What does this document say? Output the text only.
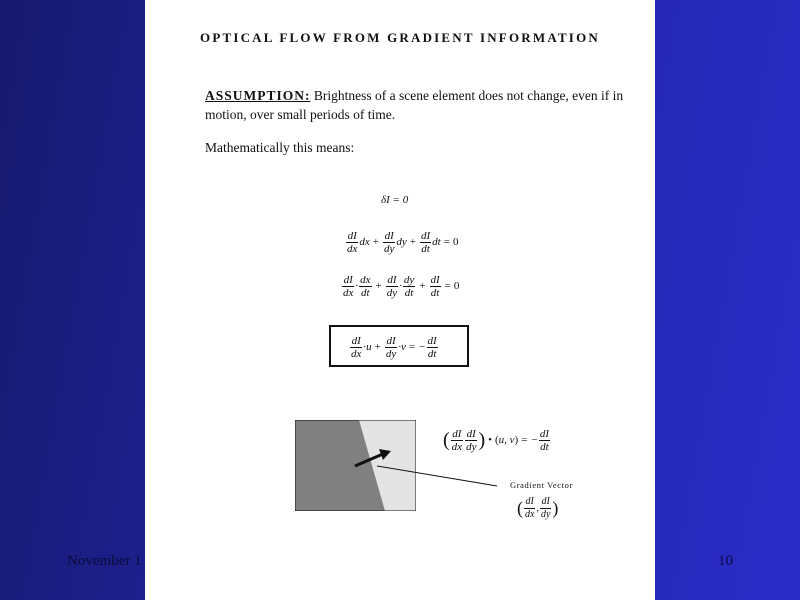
OPTICAL FLOW FROM GRADIENT INFORMATION
ASSUMPTION: Brightness of a scene element does not change, even if in motion, over small periods of time.
Mathematically this means:
δI = 0
$\frac{dI}{dx}$ dx + $\frac{dI}{dy}$ dy + $\frac{dI}{dt}$ dt = 0
$\frac{dI}{dx} \cdot \frac{dx}{dt} + \frac{dI}{dy} \cdot \frac{dy}{dt} + \frac{dI}{dt} = 0$
$\frac{dI}{dx} \cdot u + \frac{dI}{dy} \cdot v$ = − $\frac{dI}{dt}$
( $\frac{dI}{dx} \frac{dI}{dy}$ ) • (u, v) = − $\frac{dI}{dt}$
Gradient Vector
( $\frac{dI}{dx}$ , $\frac{dI}{dy}$ )
November 1	10
